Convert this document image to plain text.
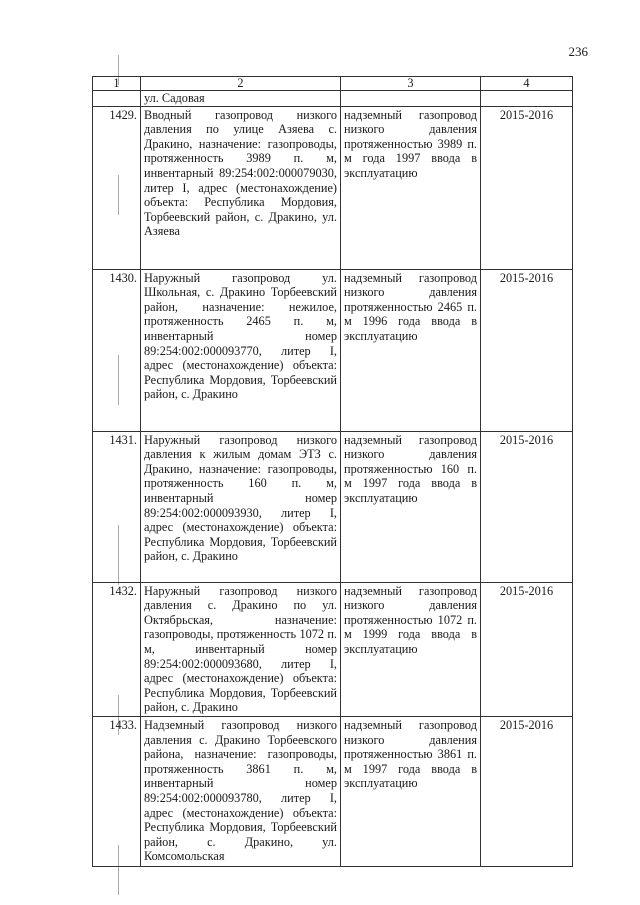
236
1	2	3	4
	ул. Садовая		
1429.	Вводный газопровод низкого давления по улице Азяева с. Дракино, назначение: газопроводы, протяженность 3989 п. м, инвентарный 89:254:002:000079030, литер I, адрес (местонахождение) объекта: Республика Мордовия, Торбеевский район, с. Дракино, ул. Азяева	надземный газопровод низкого давления протяженностью 3989 п. м года 1997 ввода в эксплуатацию	2015-2016
1430.	Наружный газопровод ул. Школьная, с. Дракино Торбеевский район, назначение: нежилое, протяженность 2465 п. м, инвентарный номер 89:254:002:000093770, литер I, адрес (местонахождение) объекта: Республика Мордовия, Торбеевский район, с. Дракино	надземный газопровод низкого давления протяженностью 2465 п. м 1996 года ввода в эксплуатацию	2015-2016
1431.	Наружный газопровод низкого давления к жилым домам ЭТЗ с. Дракино, назначение: газопроводы, протяженность 160 п. м, инвентарный номер 89:254:002:000093930, литер I, адрес (местонахождение) объекта: Республика Мордовия, Торбеевский район, с. Дракино	надземный газопровод низкого давления протяженностью 160 п. м 1997 года ввода в эксплуатацию	2015-2016
1432.	Наружный газопровод низкого давления с. Дракино по ул. Октябрьская, назначение: газопроводы, протяженность 1072 п. м, инвентарный номер 89:254:002:000093680, литер I, адрес (местонахождение) объекта: Республика Мордовия, Торбеевский район, с. Дракино	надземный газопровод низкого давления протяженностью 1072 п. м 1999 года ввода в эксплуатацию	2015-2016
1433.	Надземный газопровод низкого давления с. Дракино Торбеевского района, назначение: газопроводы, протяженность 3861 п. м, инвентарный номер 89:254:002:000093780, литер I, адрес (местонахождение) объекта: Республика Мордовия, Торбеевский район, с. Дракино, ул. Комсомольская	надземный газопровод низкого давления протяженностью 3861 п. м 1997 года ввода в эксплуатацию	2015-2016
